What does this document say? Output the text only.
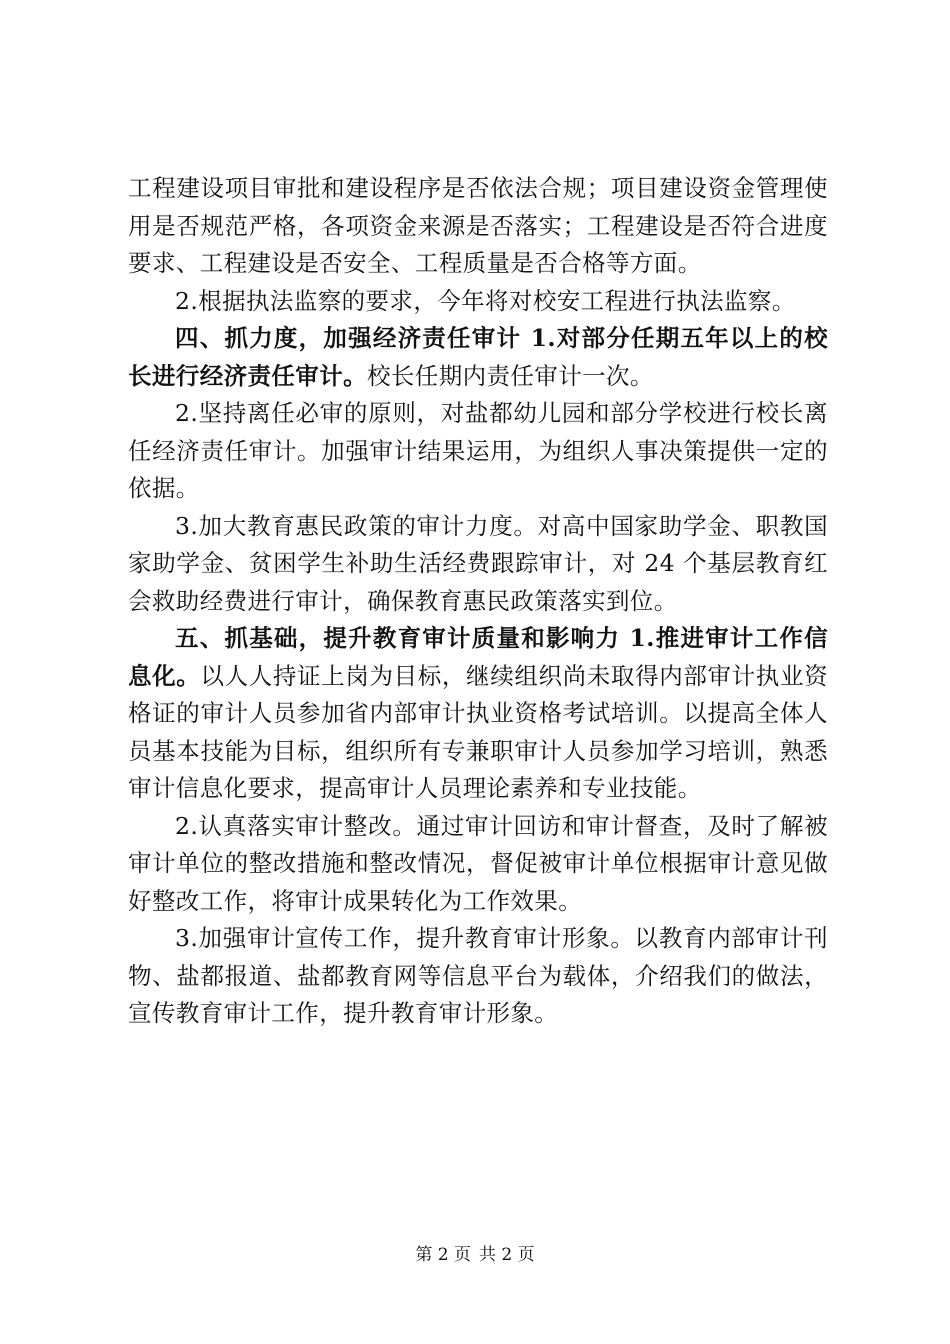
工程建设项目审批和建设程序是否依法合规；项目建设资金管理使用是否规范严格，各项资金来源是否落实；工程建设是否符合进度要求、工程建设是否安全、工程质量是否合格等方面。

2.根据执法监察的要求，今年将对校安工程进行执法监察。

四、抓力度，加强经济责任审计 1.对部分任期五年以上的校长进行经济责任审计。校长任期内责任审计一次。

2.坚持离任必审的原则，对盐都幼儿园和部分学校进行校长离任经济责任审计。加强审计结果运用，为组织人事决策提供一定的依据。

3.加大教育惠民政策的审计力度。对高中国家助学金、职教国家助学金、贫困学生补助生活经费跟踪审计，对 24 个基层教育红会救助经费进行审计，确保教育惠民政策落实到位。

五、抓基础，提升教育审计质量和影响力 1.推进审计工作信息化。以人人持证上岗为目标，继续组织尚未取得内部审计执业资格证的审计人员参加省内部审计执业资格考试培训。以提高全体人员基本技能为目标，组织所有专兼职审计人员参加学习培训，熟悉审计信息化要求，提高审计人员理论素养和专业技能。

2.认真落实审计整改。通过审计回访和审计督查，及时了解被审计单位的整改措施和整改情况，督促被审计单位根据审计意见做好整改工作，将审计成果转化为工作效果。

3.加强审计宣传工作，提升教育审计形象。以教育内部审计刊物、盐都报道、盐都教育网等信息平台为载体，介绍我们的做法，宣传教育审计工作，提升教育审计形象。

第 2 页 共 2 页
